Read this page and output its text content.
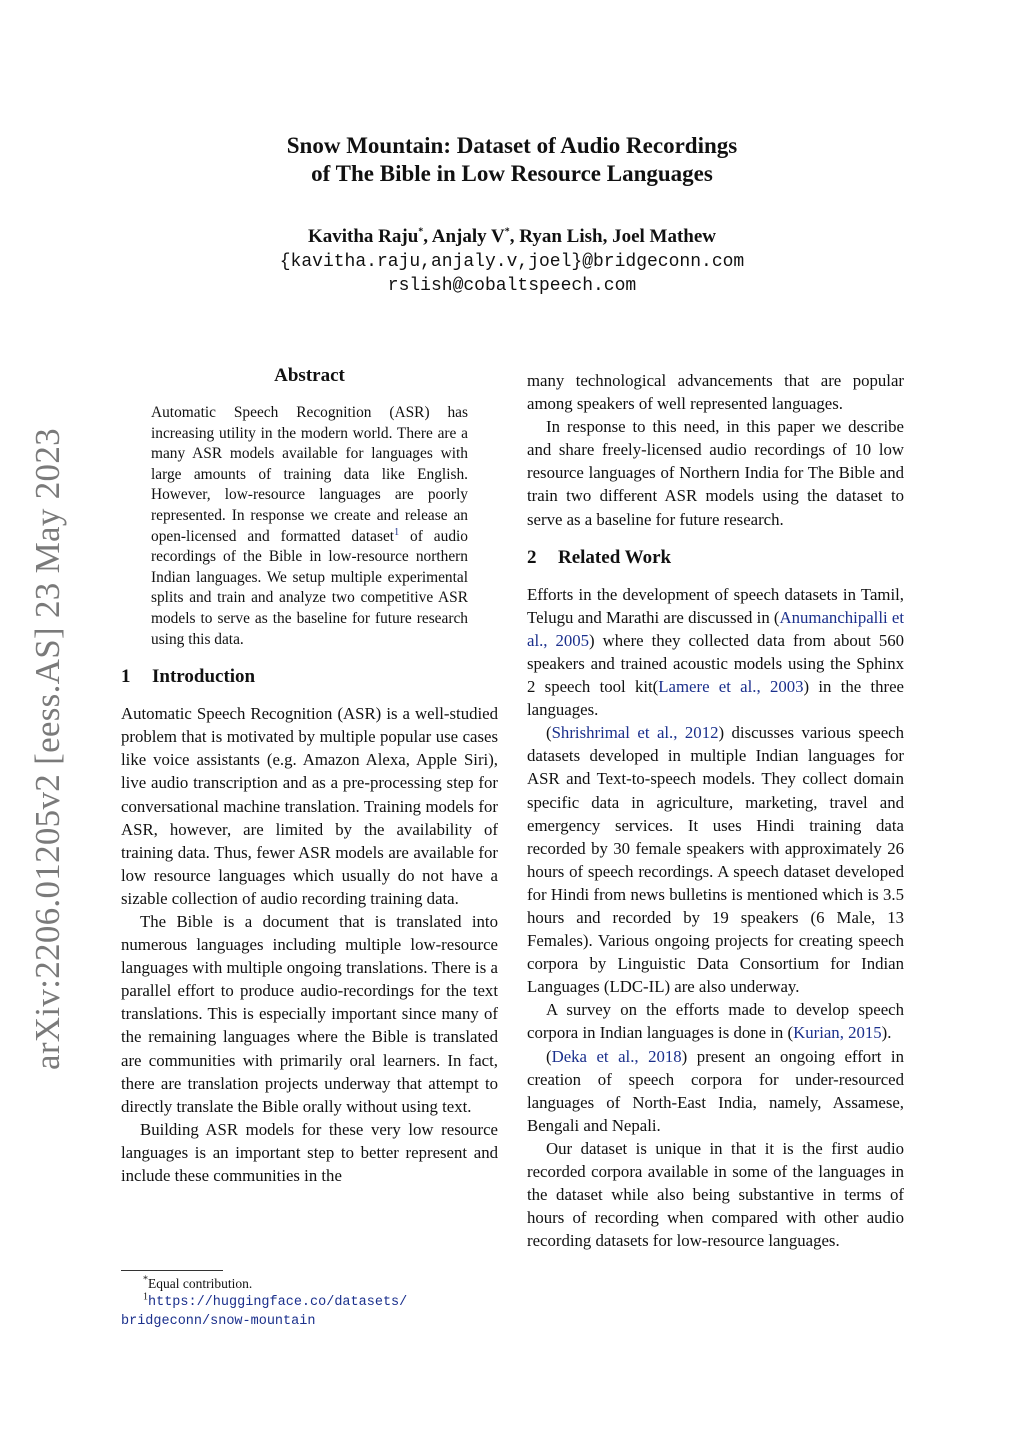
arXiv:2206.01205v2 [eess.AS] 23 May 2023
Snow Mountain: Dataset of Audio Recordings
of The Bible in Low Resource Languages
Kavitha Raju*, Anjaly V*, Ryan Lish, Joel Mathew
{kavitha.raju,anjaly.v,joel}@bridgeconn.com
rslish@cobaltspeech.com
Abstract
Automatic Speech Recognition (ASR) has increasing utility in the modern world. There are a many ASR models available for languages with large amounts of training data like English. However, low-resource languages are poorly represented. In response we create and release an open-licensed and formatted dataset$^1$ of audio recordings of the Bible in low-resource northern Indian languages. We setup multiple experimental splits and train and analyze two competitive ASR models to serve as the baseline for future research using this data.
1 Introduction

Automatic Speech Recognition (ASR) is a well-studied problem that is motivated by multiple popular use cases like voice assistants (e.g. Amazon Alexa, Apple Siri), live audio transcription and as a pre-processing step for conversational machine translation. Training models for ASR, however, are limited by the availability of training data. Thus, fewer ASR models are available for low resource languages which usually do not have a sizable collection of audio recording training data.

The Bible is a document that is translated into numerous languages including multiple low-resource languages with multiple ongoing translations. There is a parallel effort to produce audio-recordings for the text translations. This is especially important since many of the remaining languages where the Bible is translated are communities with primarily oral learners. In fact, there are translation projects underway that attempt to directly translate the Bible orally without using text.

Building ASR models for these very low resource languages is an important step to better represent and include these communities in the

many technological advancements that are popular among speakers of well represented languages.

In response to this need, in this paper we describe and share freely-licensed audio recordings of 10 low resource languages of Northern India for The Bible and train two different ASR models using the dataset to serve as a baseline for future research.

2 Related Work

Efforts in the development of speech datasets in Tamil, Telugu and Marathi are discussed in (Anumanchipalli et al., 2005) where they collected data from about 560 speakers and trained acoustic models using the Sphinx 2 speech tool kit(Lamere et al., 2003) in the three languages.

(Shrishrimal et al., 2012) discusses various speech datasets developed in multiple Indian languages for ASR and Text-to-speech models. They collect domain specific data in agriculture, marketing, travel and emergency services. It uses Hindi training data recorded by 30 female speakers with approximately 26 hours of speech recordings. A speech dataset developed for Hindi from news bulletins is mentioned which is 3.5 hours and recorded by 19 speakers (6 Male, 13 Females). Various ongoing projects for creating speech corpora by Linguistic Data Consortium for Indian Languages (LDC-IL) are also underway.

A survey on the efforts made to develop speech corpora in Indian languages is done in (Kurian, 2015).

(Deka et al., 2018) present an ongoing effort in creation of speech corpora for under-resourced languages of North-East India, namely, Assamese, Bengali and Nepali.

Our dataset is unique in that it is the first audio recorded corpora available in some of the languages in the dataset while also being substantive in terms of hours of recording when compared with other audio recording datasets for low-resource languages.

*Equal contribution.
$^1$https://huggingface.co/datasets/
bridgeconn/snow-mountain
